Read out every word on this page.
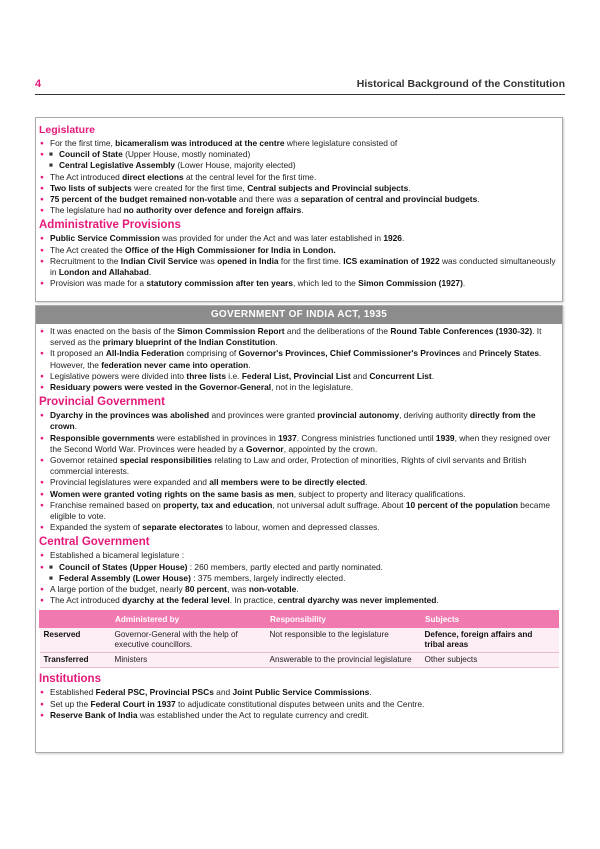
4	Historical Background of the Constitution
Legislature
● For the first time, bicameralism was introduced at the centre where legislature consisted of
■ ● Council of State (Upper House, mostly nominated)
■ Central Legislative Assembly (Lower House, majority elected)
● The Act introduced direct elections at the central level for the first time.
● Two lists of subjects were created for the first time, Central subjects and Provincial subjects.
● 75 percent of the budget remained non-votable and there was a separation of central and provincial budgets.
● The legislature had no authority over defence and foreign affairs.
Administrative Provisions
● Public Service Commission was provided for under the Act and was later established in 1926.
● The Act created the Office of the High Commissioner for India in London.
● Recruitment to the Indian Civil Service was opened in India for the first time. ICS examination of 1922 was conducted simultaneously in London and Allahabad.
● Provision was made for a statutory commission after ten years, which led to the Simon Commission (1927).
GOVERNMENT OF INDIA ACT, 1935
● It was enacted on the basis of the Simon Commission Report and the deliberations of the Round Table Conferences (1930-32). It served as the primary blueprint of the Indian Constitution.
● It proposed an All-India Federation comprising of Governor's Provinces, Chief Commissioner's Provinces and Princely States. However, the federation never came into operation.
● Legislative powers were divided into three lists i.e. Federal List, Provincial List and Concurrent List.
● Residuary powers were vested in the Governor-General, not in the legislature.
Provincial Government
● Dyarchy in the provinces was abolished and provinces were granted provincial autonomy, deriving authority directly from the crown.
● Responsible governments were established in provinces in 1937. Congress ministries functioned until 1939, when they resigned over the Second World War. Provinces were headed by a Governor, appointed by the crown.
● Governor retained special responsibilities relating to Law and order, Protection of minorities, Rights of civil servants and British commercial interests.
● Provincial legislatures were expanded and all members were to be directly elected.
● Women were granted voting rights on the same basis as men, subject to property and literacy qualifications.
● Franchise remained based on property, tax and education, not universal adult suffrage. About 10 percent of the population became eligible to vote.
● Expanded the system of separate electorates to labour, women and depressed classes.
Central Government
● Established a bicameral legislature :
■ ● Council of States (Upper House) : 260 members, partly elected and partly nominated.
■ Federal Assembly (Lower House) : 375 members, largely indirectly elected.
● A large portion of the budget, nearly 80 percent, was non-votable.
● The Act introduced dyarchy at the federal level. In practice, central dyarchy was never implemented.
	Administered by	Responsibility	Subjects
Reserved	Governor-General with the help of executive councillors.	Not responsible to the legislature	Defence, foreign affairs and tribal areas
Transferred	Ministers	Answerable to the provincial legislature	Other subjects
Institutions
● Established Federal PSC, Provincial PSCs and Joint Public Service Commissions.
● Set up the Federal Court in 1937 to adjudicate constitutional disputes between units and the Centre.
● Reserve Bank of India was established under the Act to regulate currency and credit.
